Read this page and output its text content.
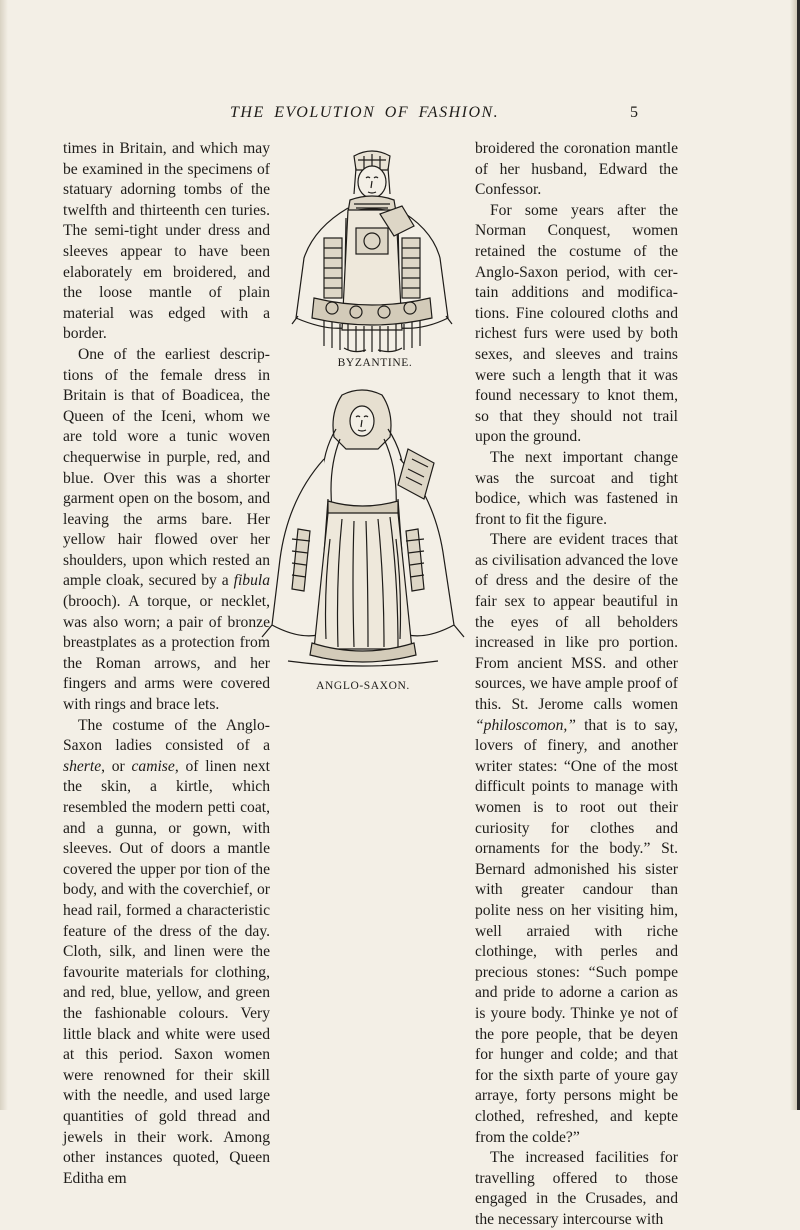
THE EVOLUTION OF FASHION.	5

times in Britain, and which may be examined in the specimens of statuary adorning tombs of the twelfth and thirteenth cen turies. The semi-tight under dress and sleeves appear to have been elaborately em broidered, and the loose mantle of plain material was edged with a border.

One of the earliest descrip tions of the female dress in Britain is that of Boadicea, the Queen of the Iceni, whom we are told wore a tunic woven chequerwise in purple, red, and blue. Over this was a shorter garment open on the bosom, and leaving the arms bare. Her yellow hair flowed over her shoulders, upon which rested an ample cloak, secured by a fibula (brooch). A torque, or necklet, was also worn; a pair of bronze breastplates as a protection from the Roman arrows, and her fingers and arms were covered with rings and brace lets.

The costume of the Anglo-Saxon ladies consisted of a sherte, or camise, of linen next the skin, a kirtle, which resembled the modern petti coat, and a gunna, or gown, with sleeves. Out of doors a mantle covered the upper por tion of the body, and with the coverchief, or head rail, formed a characteristic feature of the dress of the day. Cloth, silk, and linen were the favourite materials for clothing, and red, blue, yellow, and green the fashionable colours. Very little black and white were used at this period. Saxon women were renowned for their skill with the needle, and used large quantities of gold thread and jewels in their work. Among other instances quoted, Queen Editha em

broidered the coronation mantle of her husband, Edward the Confessor.

For some years after the Norman Conquest, women retained the costume of the Anglo-Saxon period, with cer tain additions and modifica tions. Fine coloured cloths and richest furs were used by both sexes, and sleeves and trains were such a length that it was found necessary to knot them, so that they should not trail upon the ground.

The next important change was the surcoat and tight bodice, which was fastened in front to fit the figure.

There are evident traces that as civilisation advanced the love of dress and the desire of the fair sex to appear beautiful in the eyes of all beholders increased in like pro portion. From ancient MSS. and other sources, we have ample proof of this. St. Jerome calls women “philoscomon,” that is to say, lovers of finery, and another writer states: “One of the most difficult points to manage with women is to root out their curiosity for clothes and ornaments for the body.” St. Bernard admonished his sister with greater candour than polite ness on her visiting him, well arraied with riche clothinge, with perles and precious stones: “Such pompe and pride to adorne a carion as is youre body. Thinke ye not of the pore people, that be deyen for hunger and colde; and that for the sixth parte of youre gay arraye, forty persons might be clothed, refreshed, and kepte from the colde?”

The increased facilities for travelling offered to those engaged in the Crusades, and the necessary intercourse with

BYZANTINE.
ANGLO-SAXON.
